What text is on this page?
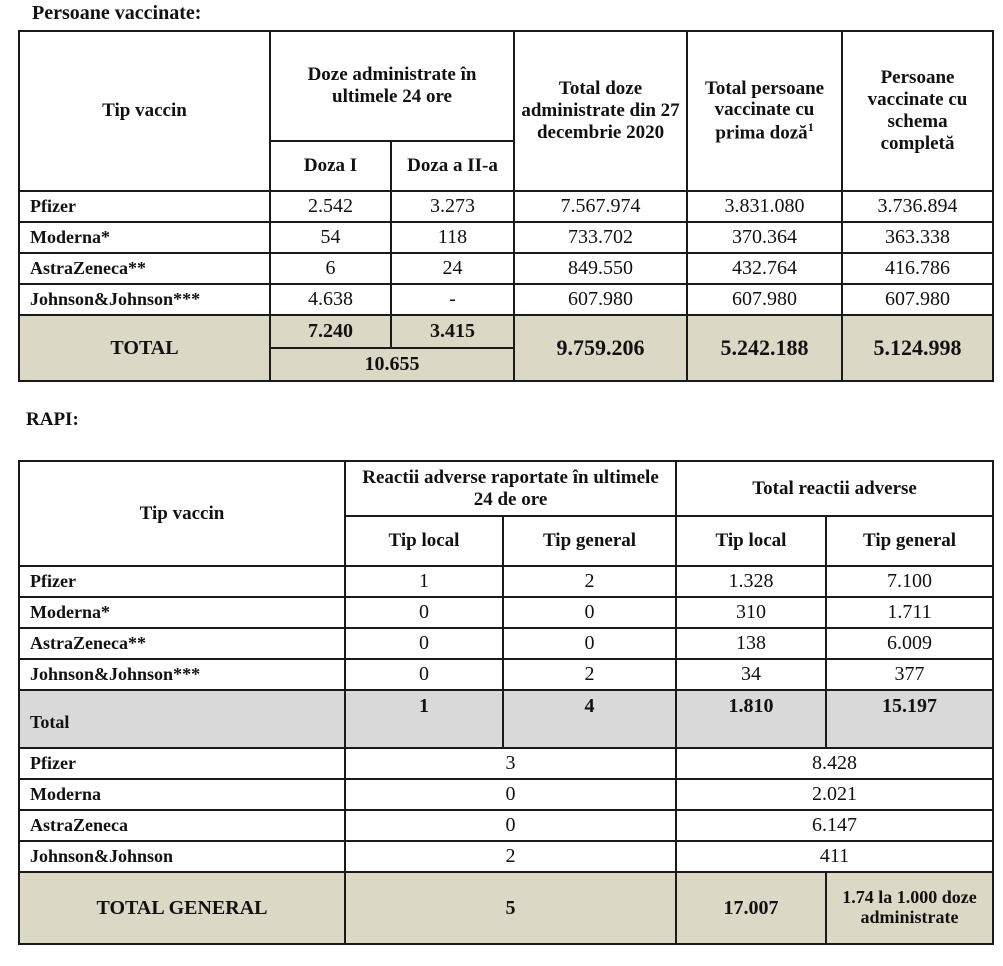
Persoane vaccinate:

Tip vaccin	Doze administrate în ultimele 24 ore		Total doze administrate din 27 decembrie 2020	Total persoane vaccinate cu prima doză$^1$	Persoane vaccinate cu schema completă
	Doza I	Doza a II-a			
Pfizer	2.542	3.273	7.567.974	3.831.080	3.736.894
Moderna*	54	118	733.702	370.364	363.338
AstraZeneca**	6	24	849.550	432.764	416.786
Johnson&Johnson***	4.638	-	607.980	607.980	607.980
TOTAL	7.240	3.415	9.759.206	5.242.188	5.124.998
	10.655				

RAPI:

Tip vaccin	Reactii adverse raportate în ultimele 24 de ore		Total reactii adverse	
	Tip local	Tip general	Tip local	Tip general
Pfizer	1	2	1.328	7.100
Moderna*	0	0	310	1.711
AstraZeneca**	0	0	138	6.009
Johnson&Johnson***	0	2	34	377
Total	1	4	1.810	15.197
Pfizer	3		8.428	
Moderna	0		2.021	
AstraZeneca	0		6.147	
Johnson&Johnson	2		411	
TOTAL GENERAL	5		17.007	1.74 la 1.000 doze administrate
